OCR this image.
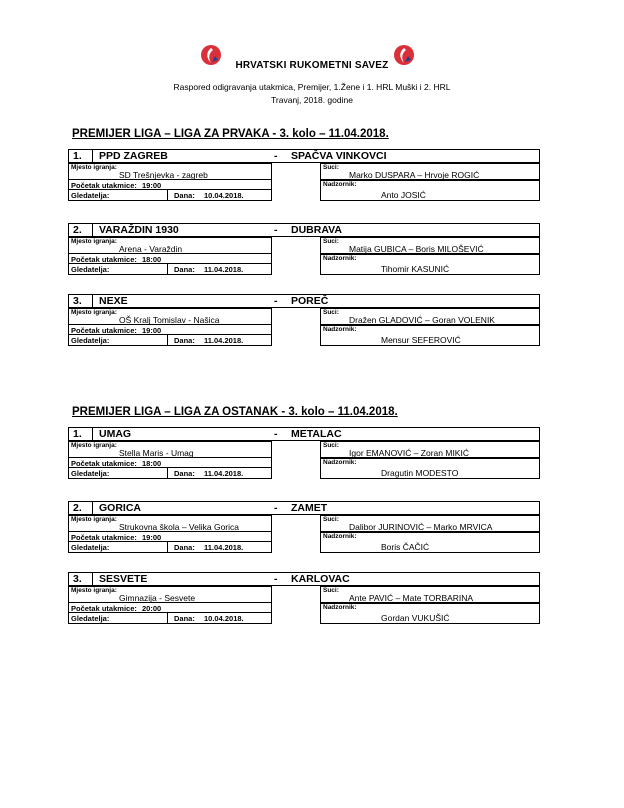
HRVATSKI RUKOMETNI SAVEZ
Raspored odigravanja utakmica, Premijer, 1.Žene i 1. HRL Muški i 2. HRL
Travanj, 2018. godine
PREMIJER LIGA – LIGA ZA PRVAKA - 3. kolo – 11.04.2018.
1. PPD ZAGREB	- SPAČVA VINKOVCI
Mjesto igranja:
SD Trešnjevka - zagreb
Početak utakmice: 19:00
Gledatelja:	Dana: 10.04.2018.
Suci:
Marko DUSPARA – Hrvoje ROGIĆ
Nadzornik:
Anto JOSIĆ
2. VARAŽDIN 1930	- DUBRAVA
Mjesto igranja:
Arena - Varaždin
Početak utakmice: 18:00
Gledatelja:	Dana: 11.04.2018.
Suci:
Matija GUBICA – Boris MILOŠEVIĆ
Nadzornik:
Tihomir KASUNIĆ
3. NEXE	- POREČ
Mjesto igranja:
OŠ Kralj Tomislav - Našica
Početak utakmice: 19:00
Gledatelja:	Dana: 11.04.2018.
Suci:
Dražen GLADOVIĆ – Goran VOLENIK
Nadzornik:
Mensur SEFEROVIĆ
PREMIJER LIGA – LIGA ZA OSTANAK - 3. kolo – 11.04.2018.
1. UMAG	- METALAC
Mjesto igranja:
Stella Maris - Umag
Početak utakmice: 18:00
Gledatelja:	Dana: 11.04.2018.
Suci:
Igor EMANOVIĆ – Zoran MIKIĆ
Nadzornik:
Dragutin MODESTO
2. GORICA	- ZAMET
Mjesto igranja:
Strukovna škola – Velika Gorica
Početak utakmice: 19:00
Gledatelja:	Dana: 11.04.2018.
Suci:
Dalibor JURINOVIĆ – Marko MRVICA
Nadzornik:
Boris ČAČIĆ
3. SESVETE	- KARLOVAC
Mjesto igranja:
Gimnazija - Sesvete
Početak utakmice: 20:00
Gledatelja:	Dana: 10.04.2018.
Suci:
Ante PAVIĆ – Mate TORBARINA
Nadzornik:
Gordan VUKUŠIĆ
